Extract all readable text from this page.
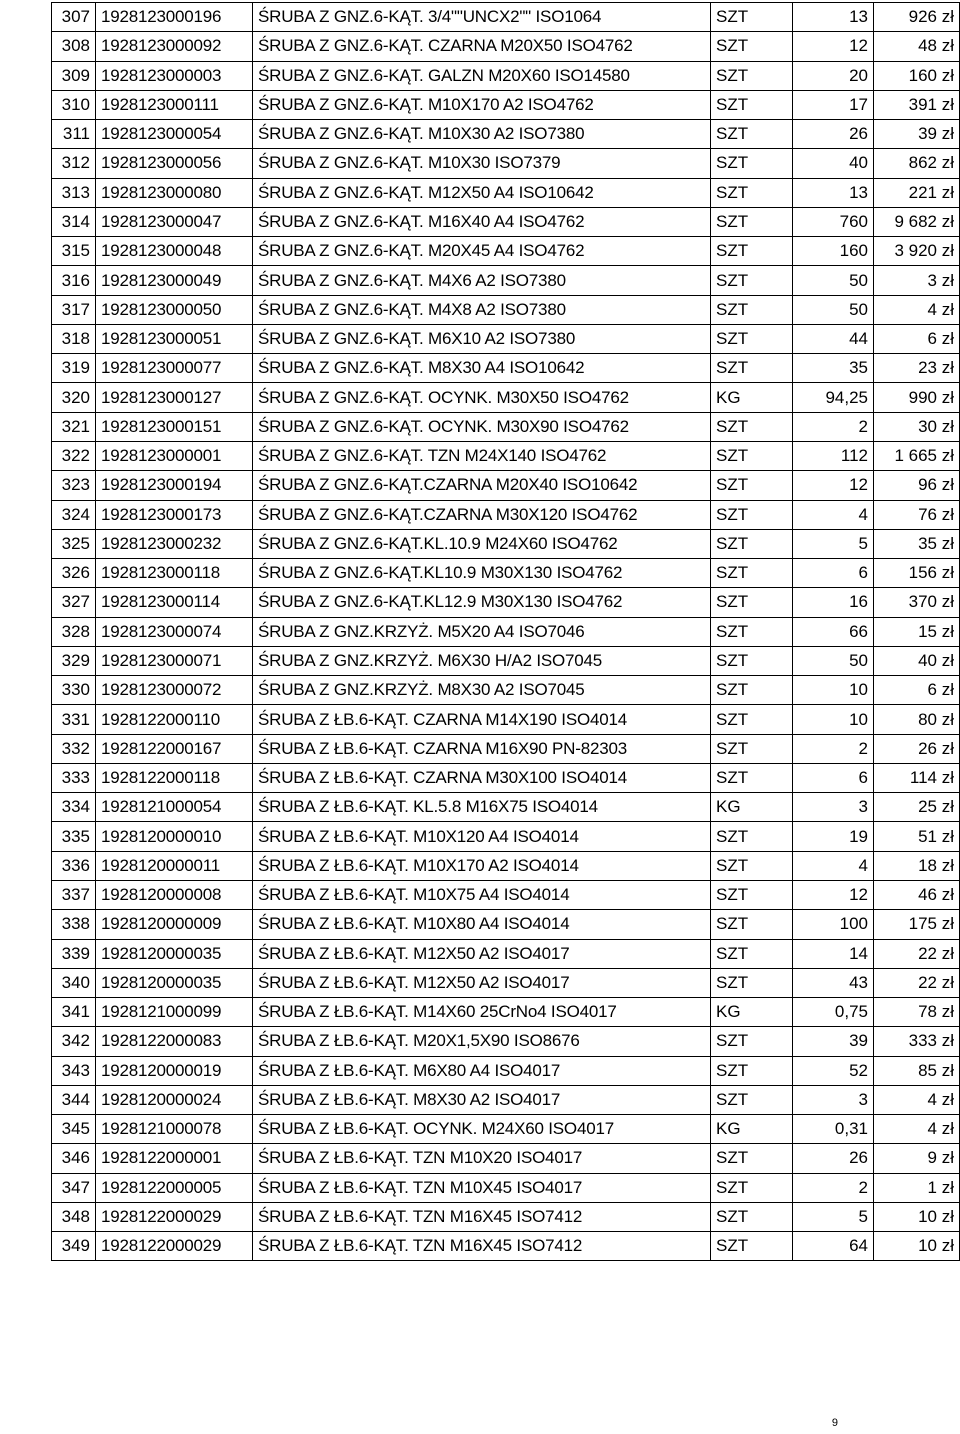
307	1928123000196	ŚRUBA Z GNZ.6-KĄT. 3/4""UNCX2"" ISO1064	SZT	13	926 zł
308	1928123000092	ŚRUBA Z GNZ.6-KĄT. CZARNA M20X50 ISO4762	SZT	12	48 zł
309	1928123000003	ŚRUBA Z GNZ.6-KĄT. GALZN M20X60 ISO14580	SZT	20	160 zł
310	1928123000111	ŚRUBA Z GNZ.6-KĄT. M10X170 A2 ISO4762	SZT	17	391 zł
311	1928123000054	ŚRUBA Z GNZ.6-KĄT. M10X30 A2 ISO7380	SZT	26	39 zł
312	1928123000056	ŚRUBA Z GNZ.6-KĄT. M10X30 ISO7379	SZT	40	862 zł
313	1928123000080	ŚRUBA Z GNZ.6-KĄT. M12X50 A4 ISO10642	SZT	13	221 zł
314	1928123000047	ŚRUBA Z GNZ.6-KĄT. M16X40 A4 ISO4762	SZT	760	9 682 zł
315	1928123000048	ŚRUBA Z GNZ.6-KĄT. M20X45 A4 ISO4762	SZT	160	3 920 zł
316	1928123000049	ŚRUBA Z GNZ.6-KĄT. M4X6 A2 ISO7380	SZT	50	3 zł
317	1928123000050	ŚRUBA Z GNZ.6-KĄT. M4X8 A2 ISO7380	SZT	50	4 zł
318	1928123000051	ŚRUBA Z GNZ.6-KĄT. M6X10 A2 ISO7380	SZT	44	6 zł
319	1928123000077	ŚRUBA Z GNZ.6-KĄT. M8X30 A4 ISO10642	SZT	35	23 zł
320	1928123000127	ŚRUBA Z GNZ.6-KĄT. OCYNK. M30X50 ISO4762	KG	94,25	990 zł
321	1928123000151	ŚRUBA Z GNZ.6-KĄT. OCYNK. M30X90 ISO4762	SZT	2	30 zł
322	1928123000001	ŚRUBA Z GNZ.6-KĄT. TZN M24X140 ISO4762	SZT	112	1 665 zł
323	1928123000194	ŚRUBA Z GNZ.6-KĄT.CZARNA M20X40 ISO10642	SZT	12	96 zł
324	1928123000173	ŚRUBA Z GNZ.6-KĄT.CZARNA M30X120 ISO4762	SZT	4	76 zł
325	1928123000232	ŚRUBA Z GNZ.6-KĄT.KL.10.9 M24X60 ISO4762	SZT	5	35 zł
326	1928123000118	ŚRUBA Z GNZ.6-KĄT.KL10.9 M30X130 ISO4762	SZT	6	156 zł
327	1928123000114	ŚRUBA Z GNZ.6-KĄT.KL12.9 M30X130 ISO4762	SZT	16	370 zł
328	1928123000074	ŚRUBA Z GNZ.KRZYŻ. M5X20 A4 ISO7046	SZT	66	15 zł
329	1928123000071	ŚRUBA Z GNZ.KRZYŻ. M6X30 H/A2 ISO7045	SZT	50	40 zł
330	1928123000072	ŚRUBA Z GNZ.KRZYŻ. M8X30 A2 ISO7045	SZT	10	6 zł
331	1928122000110	ŚRUBA Z ŁB.6-KĄT. CZARNA M14X190 ISO4014	SZT	10	80 zł
332	1928122000167	ŚRUBA Z ŁB.6-KĄT. CZARNA M16X90 PN-82303	SZT	2	26 zł
333	1928122000118	ŚRUBA Z ŁB.6-KĄT. CZARNA M30X100 ISO4014	SZT	6	114 zł
334	1928121000054	ŚRUBA Z ŁB.6-KĄT. KL.5.8 M16X75 ISO4014	KG	3	25 zł
335	1928120000010	ŚRUBA Z ŁB.6-KĄT. M10X120 A4 ISO4014	SZT	19	51 zł
336	1928120000011	ŚRUBA Z ŁB.6-KĄT. M10X170 A2 ISO4014	SZT	4	18 zł
337	1928120000008	ŚRUBA Z ŁB.6-KĄT. M10X75 A4 ISO4014	SZT	12	46 zł
338	1928120000009	ŚRUBA Z ŁB.6-KĄT. M10X80 A4 ISO4014	SZT	100	175 zł
339	1928120000035	ŚRUBA Z ŁB.6-KĄT. M12X50 A2 ISO4017	SZT	14	22 zł
340	1928120000035	ŚRUBA Z ŁB.6-KĄT. M12X50 A2 ISO4017	SZT	43	22 zł
341	1928121000099	ŚRUBA Z ŁB.6-KĄT. M14X60 25CrNo4 ISO4017	KG	0,75	78 zł
342	1928122000083	ŚRUBA Z ŁB.6-KĄT. M20X1,5X90 ISO8676	SZT	39	333 zł
343	1928120000019	ŚRUBA Z ŁB.6-KĄT. M6X80 A4 ISO4017	SZT	52	85 zł
344	1928120000024	ŚRUBA Z ŁB.6-KĄT. M8X30 A2 ISO4017	SZT	3	4 zł
345	1928121000078	ŚRUBA Z ŁB.6-KĄT. OCYNK. M24X60 ISO4017	KG	0,31	4 zł
346	1928122000001	ŚRUBA Z ŁB.6-KĄT. TZN M10X20 ISO4017	SZT	26	9 zł
347	1928122000005	ŚRUBA Z ŁB.6-KĄT. TZN M10X45 ISO4017	SZT	2	1 zł
348	1928122000029	ŚRUBA Z ŁB.6-KĄT. TZN M16X45 ISO7412	SZT	5	10 zł
349	1928122000029	ŚRUBA Z ŁB.6-KĄT. TZN M16X45 ISO7412	SZT	64	10 zł
9
